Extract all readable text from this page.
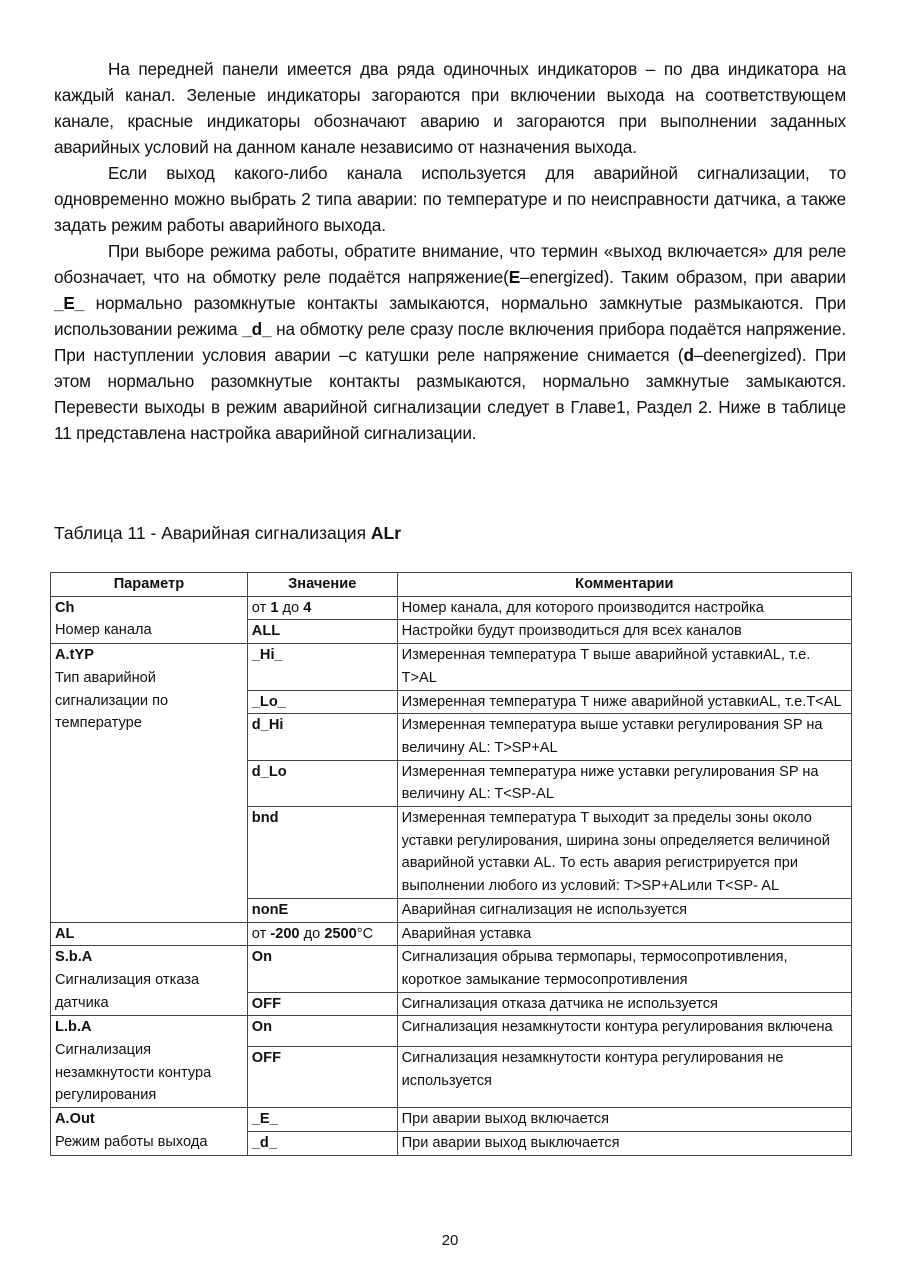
На передней панели имеется два ряда одиночных индикаторов – по два индикатора на каждый канал. Зеленые индикаторы загораются при включении выхода на соответствующем канале, красные индикаторы обозначают аварию и загораются при выполнении заданных аварийных условий на данном канале независимо от назначения выхода.

Если выход какого-либо канала используется для аварийной сигнализации, то одновременно можно выбрать 2 типа аварии: по температуре и по неисправности датчика, а также задать режим работы аварийного выхода.

При выборе режима работы, обратите внимание, что термин «выход включается» для реле обозначает, что на обмотку реле подаётся напряжение(E–energized). Таким образом, при аварии _E_ нормально разомкнутые контакты замыкаются, нормально замкнутые размыкаются. При использовании режима _d_ на обмотку реле сразу после включения прибора подаётся напряжение. При наступлении условия аварии –с катушки реле напряжение снимается (d–deenergized). При этом нормально разомкнутые контакты размыкаются, нормально замкнутые замыкаются. Перевести выходы в режим аварийной сигнализации следует в Главе1, Раздел 2. Ниже в таблице 11 представлена настройка аварийной сигнализации.

Таблица 11 - Аварийная сигнализация ALr
Параметр	Значение	Комментарии

Ch
Номер канала	от 1 до 4	Номер канала, для которого производится настройка
	ALL	Настройки будут производиться для всех каналов

A.tYP
Тип аварийной сигнализации по температуре	_Hi_	Измеренная температура T выше аварийной уставкиAL, т.е. T>AL
	_Lo_	Измеренная температура T ниже аварийной уставкиAL, т.е.T<AL
	d_Hi	Измеренная температура выше уставки регулирования SP на величину AL: T>SP+AL
	d_Lo	Измеренная температура ниже уставки регулирования SP на величину AL: T<SP-AL
	bnd	Измеренная температура T выходит за пределы зоны около уставки регулирования, ширина зоны определяется величиной аварийной уставки AL. То есть авария регистрируется при выполнении любого из условий: T>SP+ALили T<SP- AL
	nonE	Аварийная сигнализация не используется
AL	от -200 до 2500°C	Аварийная уставка

S.b.A
Сигнализация отказа датчика	On	Сигнализация обрыва термопары, термосопротивления, короткое замыкание термосопротивления
	OFF	Сигнализация отказа датчика не используется

L.b.A
Сигнализация незамкнутости контура регулирования	On	Сигнализация незамкнутости контура регулирования включена
	OFF	Сигнализация незамкнутости контура регулирования не используется

A.Out
Режим работы выхода	_E_	При аварии выход включается
	_d_	При аварии выход выключается
20
